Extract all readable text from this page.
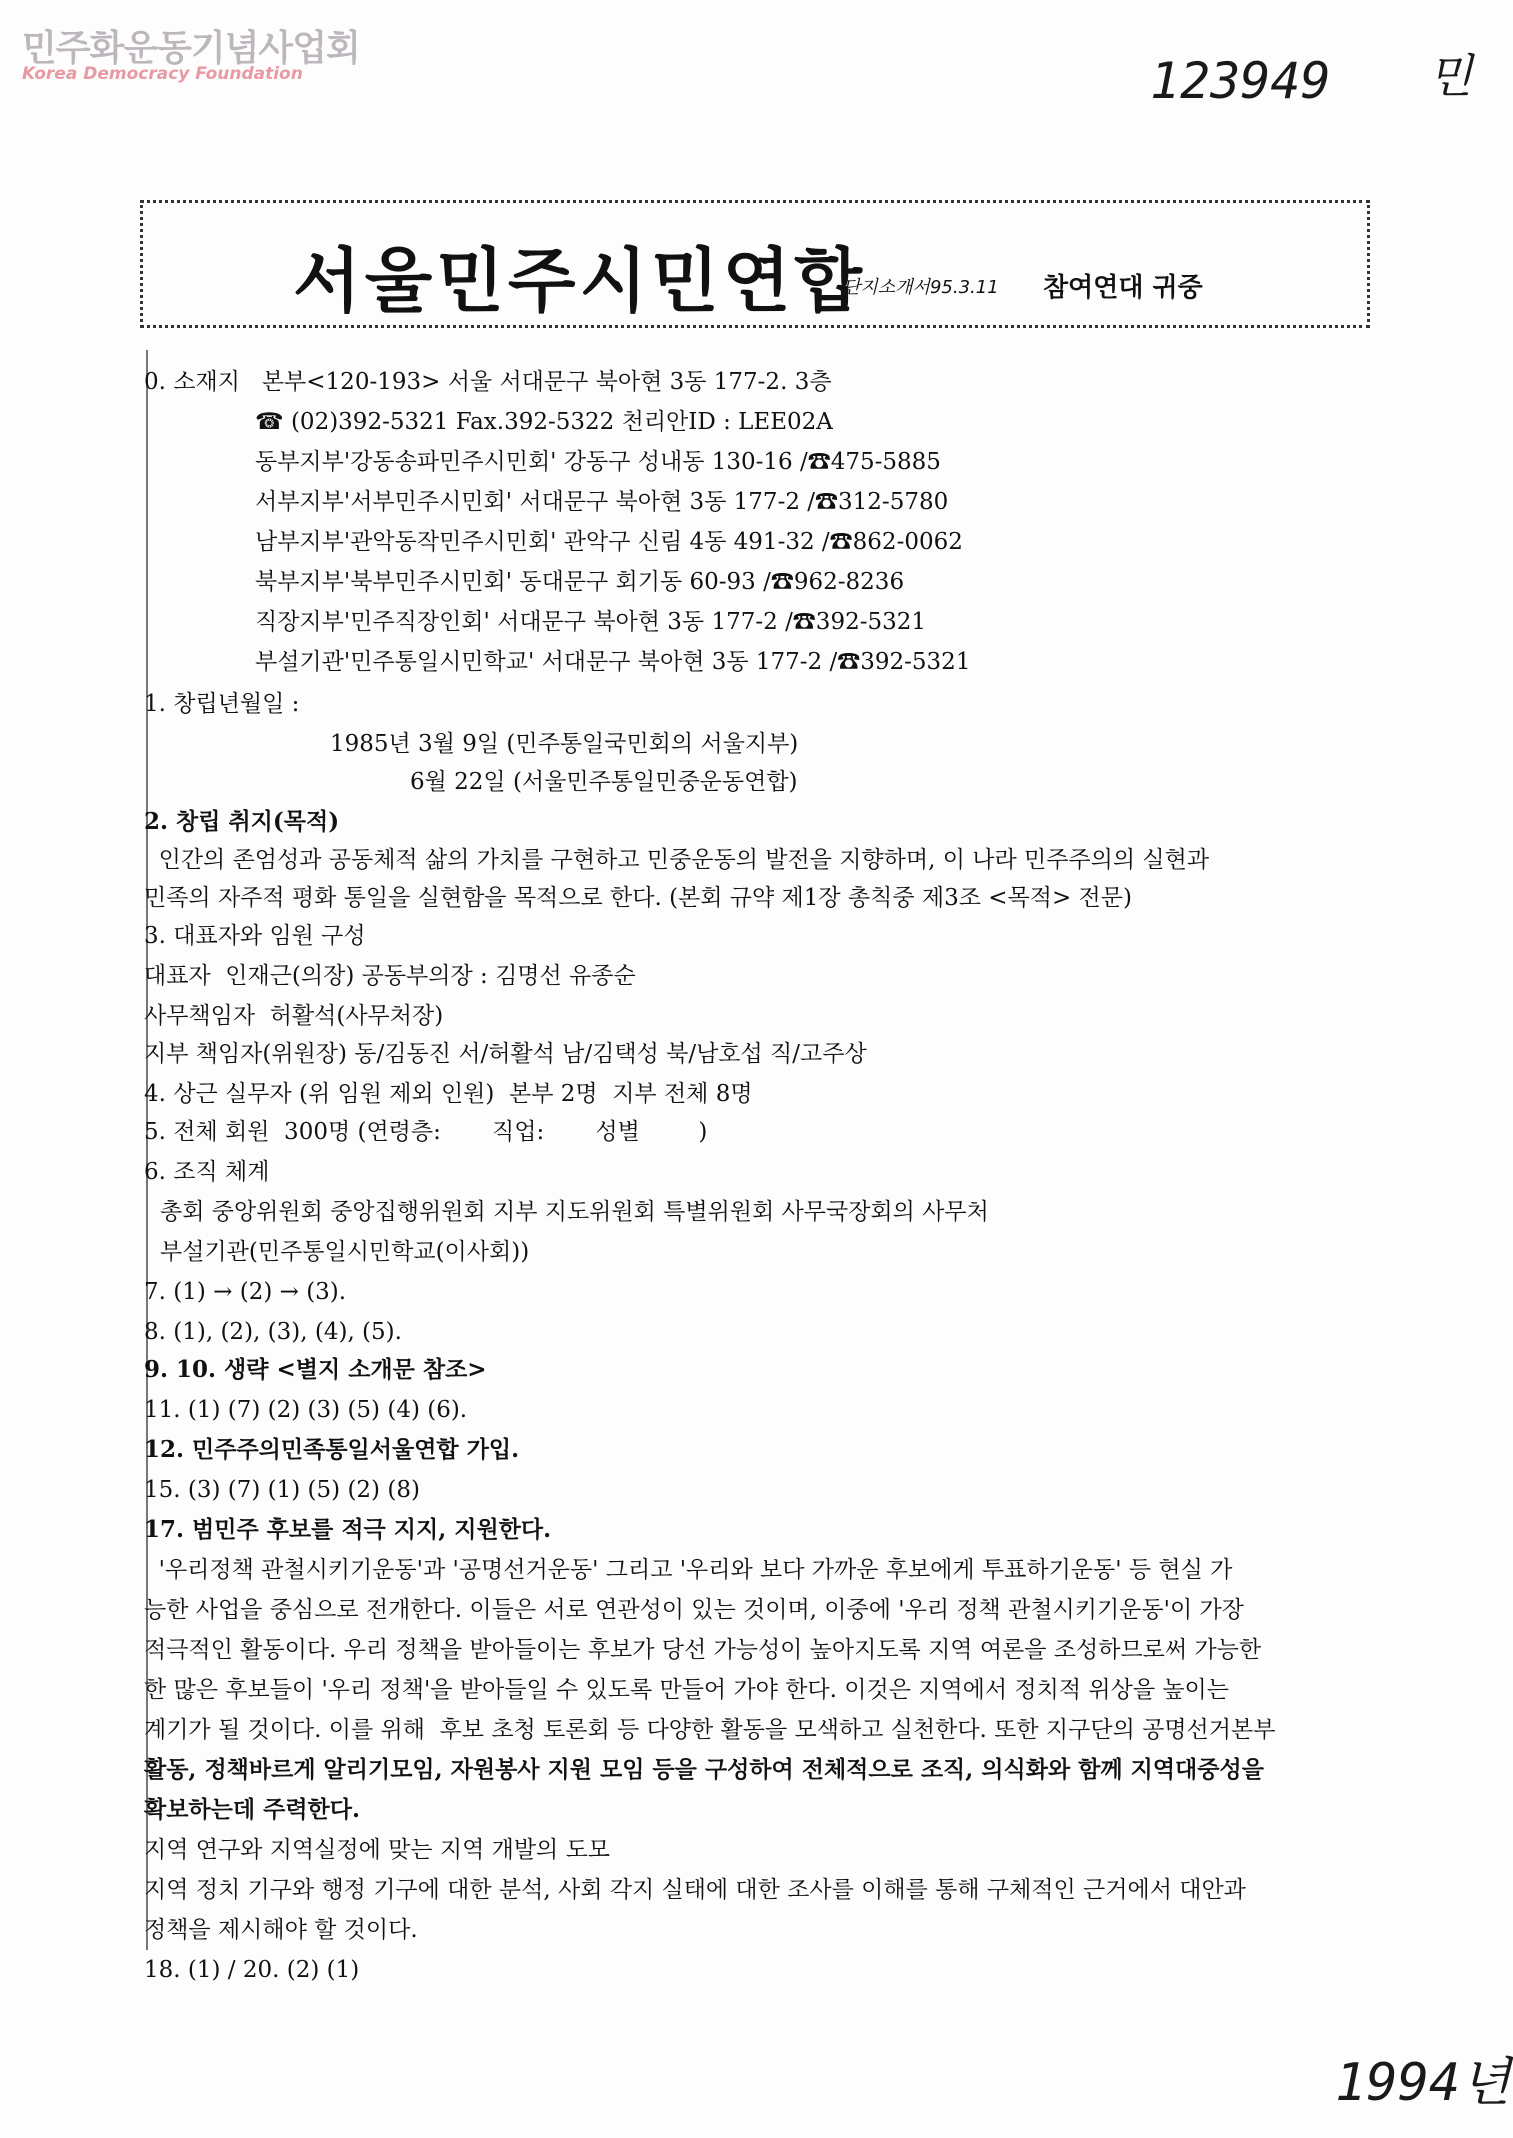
민주화운동기념사업회
Korea Democracy Foundation	123949 민
1994년
서울민주시민연합
단지소개서95.3.11 참여연대 귀중
0. 소재지   본부<120-193> 서울 서대문구 북아현 3동 177-2. 3층
☎ (02)392-5321 Fax.392-5322 천리안ID : LEE02A
동부지부'강동송파민주시민회' 강동구 성내동 130-16 /☎475-5885
서부지부'서부민주시민회' 서대문구 북아현 3동 177-2 /☎312-5780
남부지부'관악동작민주시민회' 관악구 신림 4동 491-32 /☎862-0062
북부지부'북부민주시민회' 동대문구 회기동 60-93 /☎962-8236
직장지부'민주직장인회' 서대문구 북아현 3동 177-2 /☎392-5321
부설기관'민주통일시민학교' 서대문구 북아현 3동 177-2 /☎392-5321
1. 창립년월일 :
1985년 3월 9일 (민주통일국민회의 서울지부)
6월 22일 (서울민주통일민중운동연합)
2. 창립 취지(목적)
인간의 존엄성과 공동체적 삶의 가치를 구현하고 민중운동의 발전을 지향하며, 이 나라 민주주의의 실현과
민족의 자주적 평화 통일을 실현함을 목적으로 한다. (본회 규약 제1장 총칙중 제3조 <목적> 전문)
3. 대표자와 임원 구성
대표자  인재근(의장) 공동부의장 : 김명선 유종순
사무책임자  허활석(사무처장)
지부 책임자(위원장) 동/김동진 서/허활석 남/김택성 북/남호섭 직/고주상
4. 상근 실무자 (위 임원 제외 인원)  본부 2명  지부 전체 8명
5. 전체 회원  300명 (연령층:       직업:       성별        )
6. 조직 체계
총회 중앙위원회 중앙집행위원회 지부 지도위원회 특별위원회 사무국장회의 사무처
부설기관(민주통일시민학교(이사회))
7. (1) → (2) → (3).
8. (1), (2), (3), (4), (5).
9. 10. 생략 <별지 소개문 참조>
11. (1) (7) (2) (3) (5) (4) (6).
12. 민주주의민족통일서울연합 가입.
15. (3) (7) (1) (5) (2) (8)
17. 범민주 후보를 적극 지지, 지원한다.
'우리정책 관철시키기운동'과 '공명선거운동' 그리고 '우리와 보다 가까운 후보에게 투표하기운동' 등 현실 가
능한 사업을 중심으로 전개한다. 이들은 서로 연관성이 있는 것이며, 이중에 '우리 정책 관철시키기운동'이 가장
적극적인 활동이다. 우리 정책을 받아들이는 후보가 당선 가능성이 높아지도록 지역 여론을 조성하므로써 가능한
한 많은 후보들이 '우리 정책'을 받아들일 수 있도록 만들어 가야 한다. 이것은 지역에서 정치적 위상을 높이는
계기가 될 것이다. 이를 위해  후보 초청 토론회 등 다양한 활동을 모색하고 실천한다. 또한 지구단의 공명선거본부
활동, 정책바르게 알리기모임, 자원봉사 지원 모임 등을 구성하여 전체적으로 조직, 의식화와 함께 지역대중성을
확보하는데 주력한다.
지역 연구와 지역실정에 맞는 지역 개발의 도모
지역 정치 기구와 행정 기구에 대한 분석, 사회 각지 실태에 대한 조사를 이해를 통해 구체적인 근거에서 대안과
정책을 제시해야 할 것이다.
18. (1) / 20. (2) (1)
